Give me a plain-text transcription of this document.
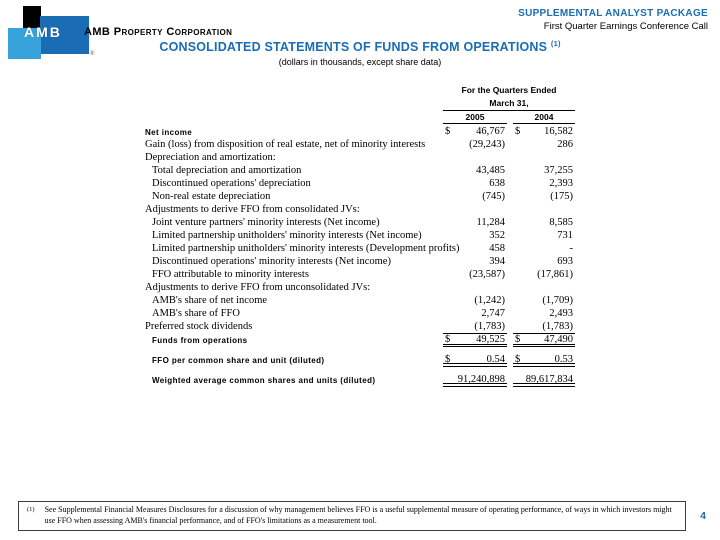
AMB
®
AMB Property Corporation
SUPPLEMENTAL ANALYST PACKAGE
First Quarter Earnings Conference Call
CONSOLIDATED STATEMENTS OF FUNDS FROM OPERATIONS $^{(1)}$
(dollars in thousands, except share data)
For the Quarters Ended
March 31,
2005	2004
Net income	$ 46,767 $ 16,582
Gain (loss) from disposition of real estate, net of minority interests	(29,243)	286
Depreciation and amortization:
Total depreciation and amortization	43,485	37,255
Discontinued operations' depreciation	638	2,393
Non-real estate depreciation	(745)	(175)
Adjustments to derive FFO from consolidated JVs:
Joint venture partners' minority interests (Net income)	11,284	8,585
Limited partnership unitholders' minority interests (Net income)	352	731
Limited partnership unitholders' minority interests (Development profits)	458	-
Discontinued operations' minority interests (Net income)	394	693
FFO attributable to minority interests	(23,587)	(17,861)
Adjustments to derive FFO from unconsolidated JVs:
AMB's share of net income	(1,242)	(1,709)
AMB's share of FFO	2,747	2,493
Preferred stock dividends	(1,783)	(1,783)
Funds from operations	$ 49,525 $ 47,490
FFO per common share and unit (diluted)	$	0.54 $	0.53
Weighted average common shares and units (diluted)	91,240,898 89,617,834
(1) See Supplemental Financial Measures Disclosures for a discussion of why management believes FFO is a useful supplemental measure of operating performance, of ways in which investors might use FFO when assessing AMB's financial performance, and of FFO's limitations as a measurement tool.	4
